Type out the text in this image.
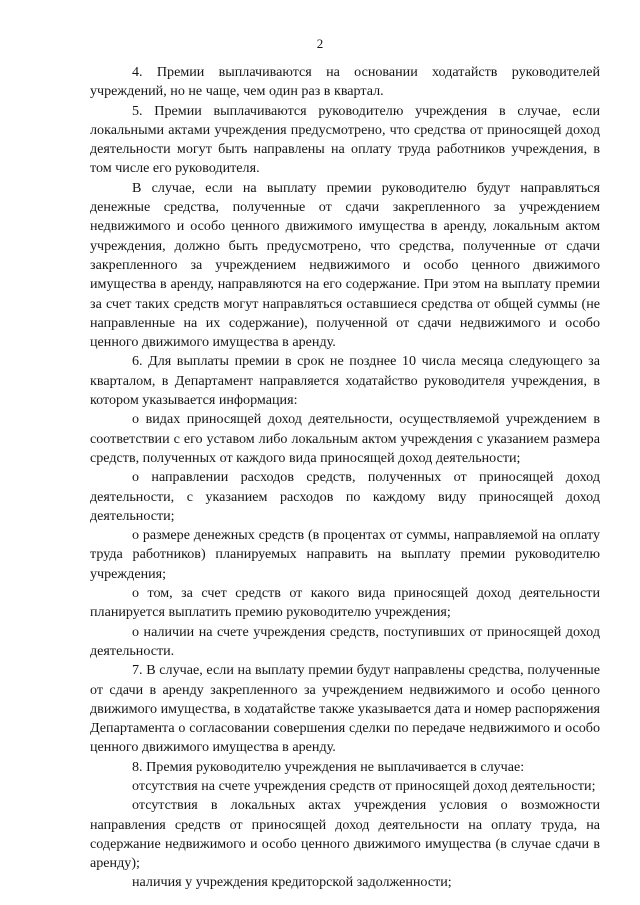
2

4. Премии выплачиваются на основании ходатайств руководителей учреждений, но не чаще, чем один раз в квартал.

5. Премии выплачиваются руководителю учреждения в случае, если локальными актами учреждения предусмотрено, что средства от приносящей доход деятельности могут быть направлены на оплату труда работников учреждения, в том числе его руководителя.

В случае, если на выплату премии руководителю будут направляться денежные средства, полученные от сдачи закрепленного за учреждением недвижимого и особо ценного движимого имущества в аренду, локальным актом учреждения, должно быть предусмотрено, что средства, полученные от сдачи закрепленного за учреждением недвижимого и особо ценного движимого имущества в аренду, направляются на его содержание. При этом на выплату премии за счет таких средств могут направляться оставшиеся средства от общей суммы (не направленные на их содержание), полученной от сдачи недвижимого и особо ценного движимого имущества в аренду.

6. Для выплаты премии в срок не позднее 10 числа месяца следующего за кварталом, в Департамент направляется ходатайство руководителя учреждения, в котором указывается информация:

о видах приносящей доход деятельности, осуществляемой учреждением в соответствии с его уставом либо локальным актом учреждения с указанием размера средств, полученных от каждого вида приносящей доход деятельности;

о направлении расходов средств, полученных от приносящей доход деятельности, с указанием расходов по каждому виду приносящей доход деятельности;

о размере денежных средств (в процентах от суммы, направляемой на оплату труда работников) планируемых направить на выплату премии руководителю учреждения;

о том, за счет средств от какого вида приносящей доход деятельности планируется выплатить премию руководителю учреждения;

о наличии на счете учреждения средств, поступивших от приносящей доход деятельности.

7. В случае, если на выплату премии будут направлены средства, полученные от сдачи в аренду закрепленного за учреждением недвижимого и особо ценного движимого имущества, в ходатайстве также указывается дата и номер распоряжения Департамента о согласовании совершения сделки по передаче недвижимого и особо ценного движимого имущества в аренду.

8. Премия руководителю учреждения не выплачивается в случае:

отсутствия на счете учреждения средств от приносящей доход деятельности;

отсутствия в локальных актах учреждения условия о возможности направления средств от приносящей доход деятельности на оплату труда, на содержание недвижимого и особо ценного движимого имущества (в случае сдачи в аренду);

наличия у учреждения кредиторской задолженности;
